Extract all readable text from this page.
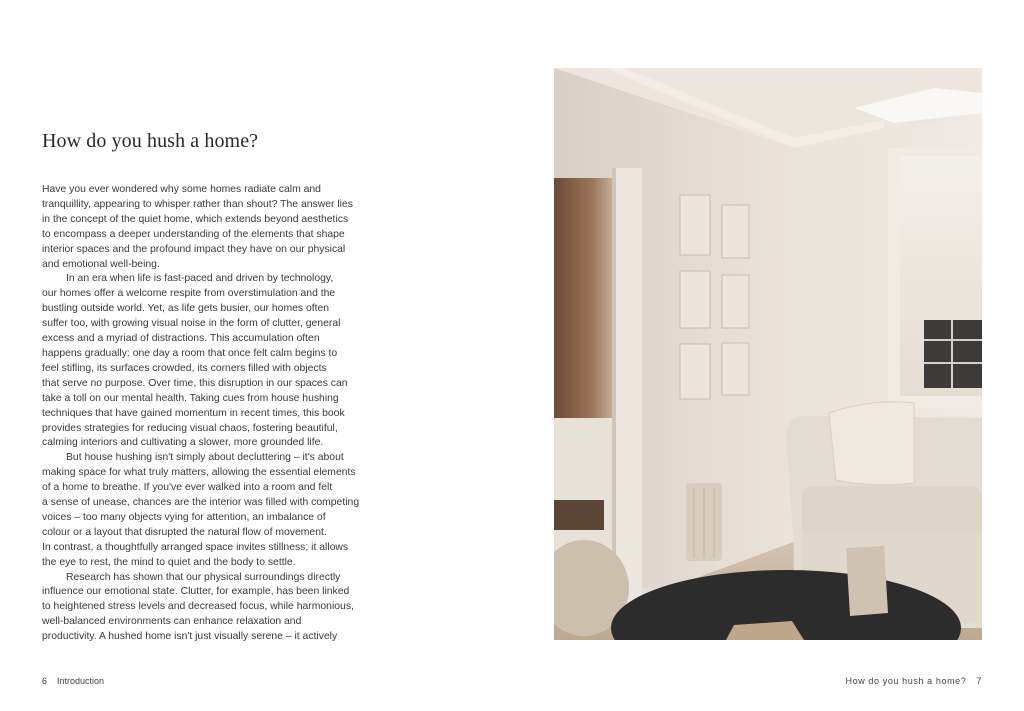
How do you hush a home?
Have you ever wondered why some homes radiate calm and
tranquillity, appearing to whisper rather than shout? The answer lies
in the concept of the quiet home, which extends beyond aesthetics
to encompass a deeper understanding of the elements that shape
interior spaces and the profound impact they have on our physical
and emotional well-being.
In an era when life is fast-paced and driven by technology,
our homes offer a welcome respite from overstimulation and the
bustling outside world. Yet, as life gets busier, our homes often
suffer too, with growing visual noise in the form of clutter, general
excess and a myriad of distractions. This accumulation often
happens gradually: one day a room that once felt calm begins to
feel stifling, its surfaces crowded, its corners filled with objects
that serve no purpose. Over time, this disruption in our spaces can
take a toll on our mental health. Taking cues from house hushing
techniques that have gained momentum in recent times, this book
provides strategies for reducing visual chaos, fostering beautiful,
calming interiors and cultivating a slower, more grounded life.
But house hushing isn't simply about decluttering – it's about
making space for what truly matters, allowing the essential elements
of a home to breathe. If you've ever walked into a room and felt
a sense of unease, chances are the interior was filled with competing
voices – too many objects vying for attention, an imbalance of
colour or a layout that disrupted the natural flow of movement.
In contrast, a thoughtfully arranged space invites stillness; it allows
the eye to rest, the mind to quiet and the body to settle.
Research has shown that our physical surroundings directly
influence our emotional state. Clutter, for example, has been linked
to heightened stress levels and decreased focus, while harmonious,
well-balanced environments can enhance relaxation and
productivity. A hushed home isn't just visually serene – it actively
6 Introduction	How do you hush a home? 7
